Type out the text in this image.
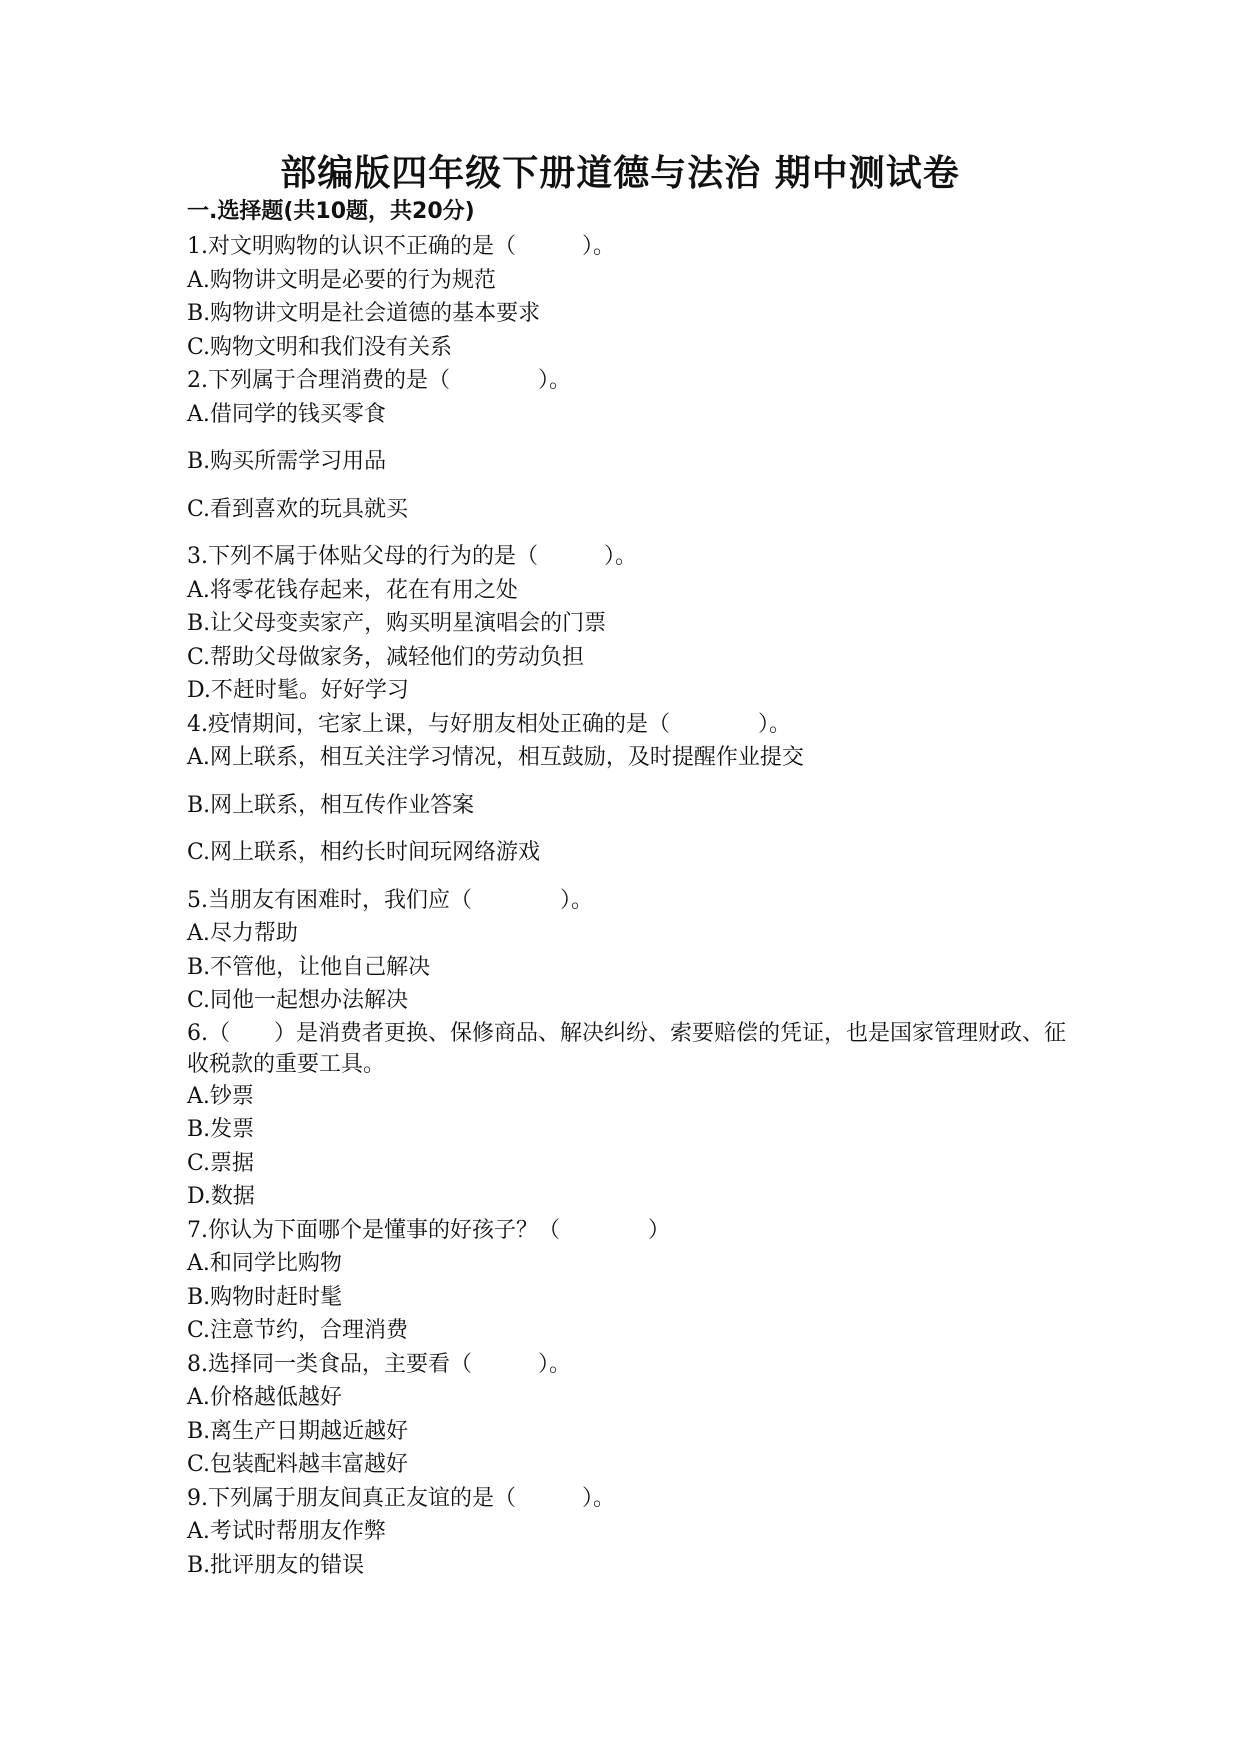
部编版四年级下册道德与法治 期中测试卷
一.选择题(共10题，共20分)
1.对文明购物的认识不正确的是（　　　）。
A.购物讲文明是必要的行为规范
B.购物讲文明是社会道德的基本要求
C.购物文明和我们没有关系
2.下列属于合理消费的是（　　　　）。
A.借同学的钱买零食
B.购买所需学习用品
C.看到喜欢的玩具就买
3.下列不属于体贴父母的行为的是（　　　）。
A.将零花钱存起来，花在有用之处
B.让父母变卖家产，购买明星演唱会的门票
C.帮助父母做家务，减轻他们的劳动负担
D.不赶时髦。好好学习
4.疫情期间，宅家上课，与好朋友相处正确的是（　　　　）。
A.网上联系，相互关注学习情况，相互鼓励，及时提醒作业提交
B.网上联系，相互传作业答案
C.网上联系，相约长时间玩网络游戏
5.当朋友有困难时，我们应（　　　　）。
A.尽力帮助
B.不管他，让他自己解决
C.同他一起想办法解决
6.（　　）是消费者更换、保修商品、解决纠纷、索要赔偿的凭证，也是国家管理财政、征收税款的重要工具。
A.钞票
B.发票
C.票据
D.数据
7.你认为下面哪个是懂事的好孩子？（　　　　）
A.和同学比购物
B.购物时赶时髦
C.注意节约，合理消费
8.选择同一类食品，主要看（　　　）。
A.价格越低越好
B.离生产日期越近越好
C.包装配料越丰富越好
9.下列属于朋友间真正友谊的是（　　　）。
A.考试时帮朋友作弊
B.批评朋友的错误
